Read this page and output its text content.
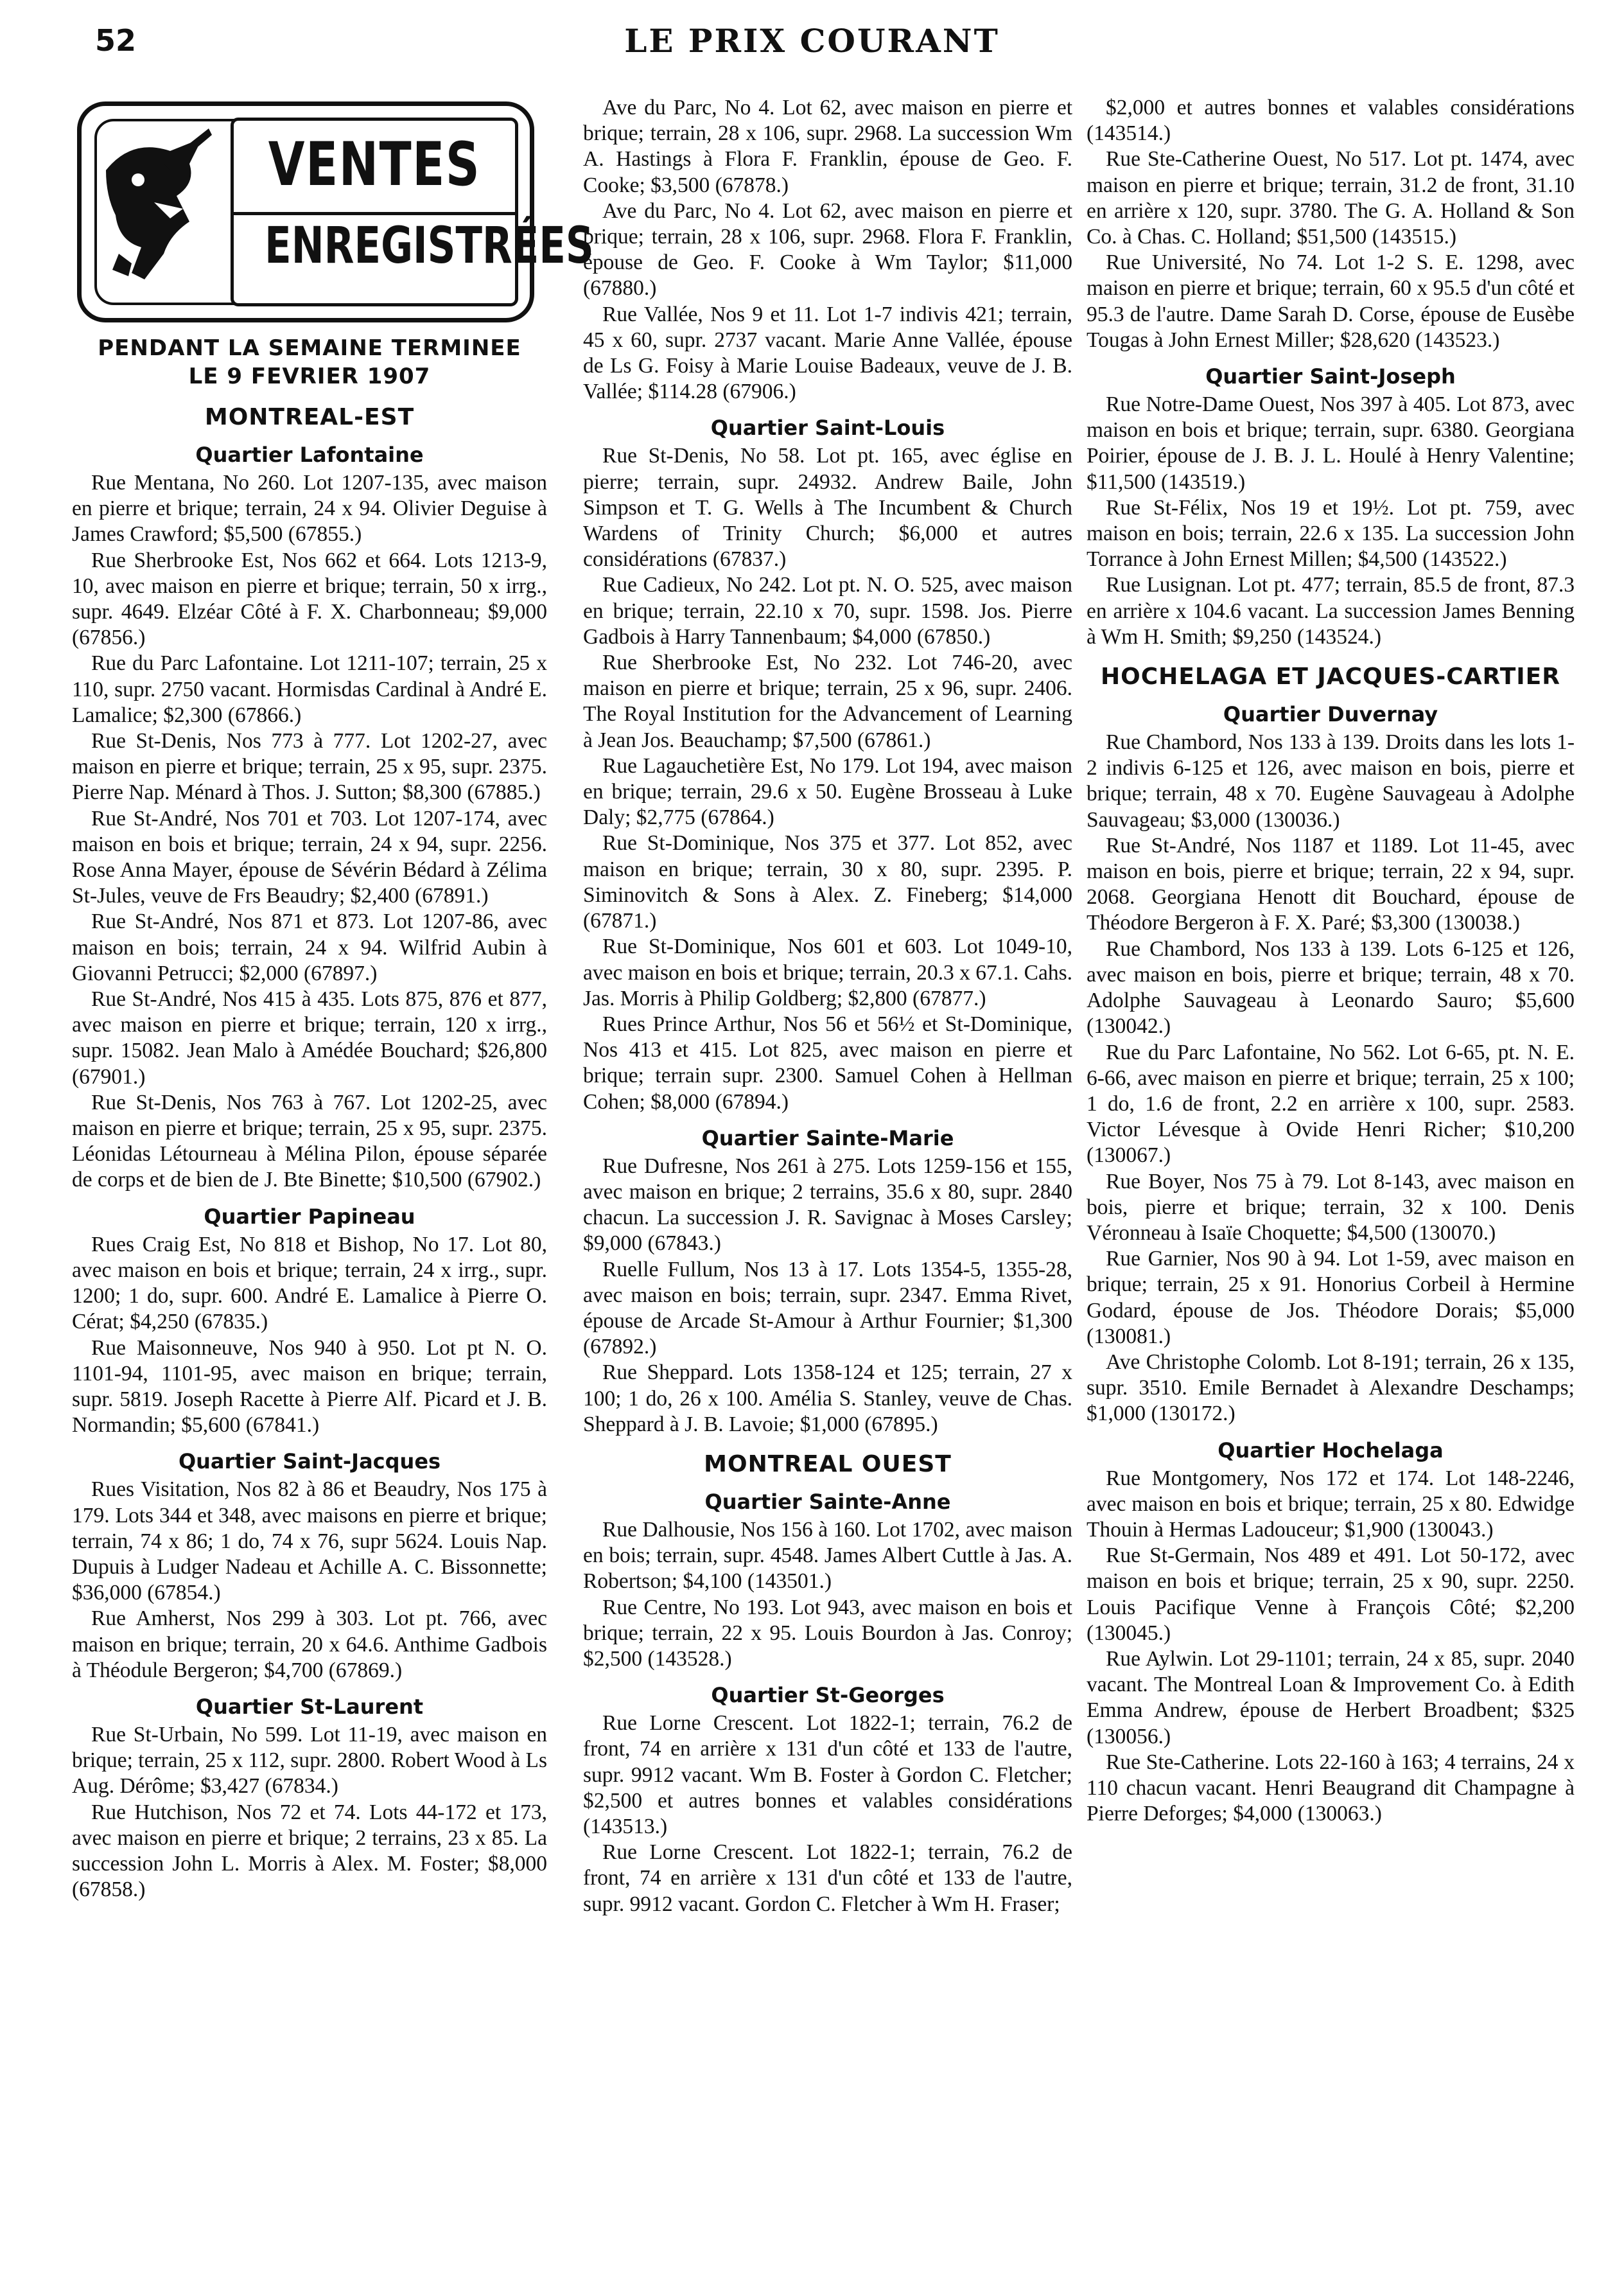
52	LE PRIX COURANT
VENTES
ENREGISTRÉES
PENDANT LA SEMAINE TERMINEE
LE 9 FEVRIER 1907
MONTREAL-EST
Quartier Lafontaine

Rue Mentana, No 260. Lot 1207-135, avec maison en pierre et brique; terrain, 24 x 94. Olivier Deguise à James Crawford; $5,500 (67855.)

Rue Sherbrooke Est, Nos 662 et 664. Lots 1213-9, 10, avec maison en pierre et brique; terrain, 50 x irrg., supr. 4649. Elzéar Côté à F. X. Charbonneau; $9,000 (67856.)

Rue du Parc Lafontaine. Lot 1211-107; terrain, 25 x 110, supr. 2750 vacant. Hormisdas Cardinal à André E. Lamalice; $2,300 (67866.)

Rue St-Denis, Nos 773 à 777. Lot 1202-27, avec maison en pierre et brique; terrain, 25 x 95, supr. 2375. Pierre Nap. Ménard à Thos. J. Sutton; $8,300 (67885.)

Rue St-André, Nos 701 et 703. Lot 1207-174, avec maison en bois et brique; terrain, 24 x 94, supr. 2256. Rose Anna Mayer, épouse de Sévérin Bédard à Zélima St-Jules, veuve de Frs Beaudry; $2,400 (67891.)

Rue St-André, Nos 871 et 873. Lot 1207-86, avec maison en bois; terrain, 24 x 94. Wilfrid Aubin à Giovanni Petrucci; $2,000 (67897.)

Rue St-André, Nos 415 à 435. Lots 875, 876 et 877, avec maison en pierre et brique; terrain, 120 x irrg., supr. 15082. Jean Malo à Amédée Bouchard; $26,800 (67901.)

Rue St-Denis, Nos 763 à 767. Lot 1202-25, avec maison en pierre et brique; terrain, 25 x 95, supr. 2375. Léonidas Létourneau à Mélina Pilon, épouse séparée de corps et de bien de J. Bte Binette; $10,500 (67902.)

Quartier Papineau

Rues Craig Est, No 818 et Bishop, No 17. Lot 80, avec maison en bois et brique; terrain, 24 x irrg., supr. 1200; 1 do, supr. 600. André E. Lamalice à Pierre O. Cérat; $4,250 (67835.)

Rue Maisonneuve, Nos 940 à 950. Lot pt N. O. 1101-94, 1101-95, avec maison en brique; terrain, supr. 5819. Joseph Racette à Pierre Alf. Picard et J. B. Normandin; $5,600 (67841.)

Quartier Saint-Jacques

Rues Visitation, Nos 82 à 86 et Beaudry, Nos 175 à 179. Lots 344 et 348, avec maisons en pierre et brique; terrain, 74 x 86; 1 do, 74 x 76, supr 5624. Louis Nap. Dupuis à Ludger Nadeau et Achille A. C. Bissonnette; $36,000 (67854.)

Rue Amherst, Nos 299 à 303. Lot pt. 766, avec maison en brique; terrain, 20 x 64.6. Anthime Gadbois à Théodule Bergeron; $4,700 (67869.)

Quartier St-Laurent

Rue St-Urbain, No 599. Lot 11-19, avec maison en brique; terrain, 25 x 112, supr. 2800. Robert Wood à Ls Aug. Dérôme; $3,427 (67834.)

Rue Hutchison, Nos 72 et 74. Lots 44-172 et 173, avec maison en pierre et brique; 2 terrains, 23 x 85. La succession John L. Morris à Alex. M. Foster; $8,000 (67858.)

Ave du Parc, No 4. Lot 62, avec maison en pierre et brique; terrain, 28 x 106, supr. 2968. La succession Wm A. Hastings à Flora F. Franklin, épouse de Geo. F. Cooke; $3,500 (67878.)

Ave du Parc, No 4. Lot 62, avec maison en pierre et brique; terrain, 28 x 106, supr. 2968. Flora F. Franklin, épouse de Geo. F. Cooke à Wm Taylor; $11,000 (67880.)

Rue Vallée, Nos 9 et 11. Lot 1-7 indivis 421; terrain, 45 x 60, supr. 2737 vacant. Marie Anne Vallée, épouse de Ls G. Foisy à Marie Louise Badeaux, veuve de J. B. Vallée; $114.28 (67906.)

Quartier Saint-Louis

Rue St-Denis, No 58. Lot pt. 165, avec église en pierre; terrain, supr. 24932. Andrew Baile, John Simpson et T. G. Wells à The Incumbent & Church Wardens of Trinity Church; $6,000 et autres considérations (67837.)

Rue Cadieux, No 242. Lot pt. N. O. 525, avec maison en brique; terrain, 22.10 x 70, supr. 1598. Jos. Pierre Gadbois à Harry Tannenbaum; $4,000 (67850.)

Rue Sherbrooke Est, No 232. Lot 746-20, avec maison en pierre et brique; terrain, 25 x 96, supr. 2406. The Royal Institution for the Advancement of Learning à Jean Jos. Beauchamp; $7,500 (67861.)

Rue Lagauchetière Est, No 179. Lot 194, avec maison en brique; terrain, 29.6 x 50. Eugène Brosseau à Luke Daly; $2,775 (67864.)

Rue St-Dominique, Nos 375 et 377. Lot 852, avec maison en brique; terrain, 30 x 80, supr. 2395. P. Siminovitch & Sons à Alex. Z. Fineberg; $14,000 (67871.)

Rue St-Dominique, Nos 601 et 603. Lot 1049-10, avec maison en bois et brique; terrain, 20.3 x 67.1. Cahs. Jas. Morris à Philip Goldberg; $2,800 (67877.)

Rues Prince Arthur, Nos 56 et 56½ et St-Dominique, Nos 413 et 415. Lot 825, avec maison en pierre et brique; terrain supr. 2300. Samuel Cohen à Hellman Cohen; $8,000 (67894.)

Quartier Sainte-Marie

Rue Dufresne, Nos 261 à 275. Lots 1259-156 et 155, avec maison en brique; 2 terrains, 35.6 x 80, supr. 2840 chacun. La succession J. R. Savignac à Moses Carsley; $9,000 (67843.)

Ruelle Fullum, Nos 13 à 17. Lots 1354-5, 1355-28, avec maison en bois; terrain, supr. 2347. Emma Rivet, épouse de Arcade St-Amour à Arthur Fournier; $1,300 (67892.)

Rue Sheppard. Lots 1358-124 et 125; terrain, 27 x 100; 1 do, 26 x 100. Amélia S. Stanley, veuve de Chas. Sheppard à J. B. Lavoie; $1,000 (67895.)

MONTREAL OUEST
Quartier Sainte-Anne

Rue Dalhousie, Nos 156 à 160. Lot 1702, avec maison en bois; terrain, supr. 4548. James Albert Cuttle à Jas. A. Robertson; $4,100 (143501.)

Rue Centre, No 193. Lot 943, avec maison en bois et brique; terrain, 22 x 95. Louis Bourdon à Jas. Conroy; $2,500 (143528.)

Quartier St-Georges

Rue Lorne Crescent. Lot 1822-1; terrain, 76.2 de front, 74 en arrière x 131 d'un côté et 133 de l'autre, supr. 9912 vacant. Wm B. Foster à Gordon C. Fletcher; $2,500 et autres bonnes et valables considérations (143513.)

Rue Lorne Crescent. Lot 1822-1; terrain, 76.2 de front, 74 en arrière x 131 d'un côté et 133 de l'autre, supr. 9912 vacant. Gordon C. Fletcher à Wm H. Fraser;

$2,000 et autres bonnes et valables considérations (143514.)

Rue Ste-Catherine Ouest, No 517. Lot pt. 1474, avec maison en pierre et brique; terrain, 31.2 de front, 31.10 en arrière x 120, supr. 3780. The G. A. Holland & Son Co. à Chas. C. Holland; $51,500 (143515.)

Rue Université, No 74. Lot 1-2 S. E. 1298, avec maison en pierre et brique; terrain, 60 x 95.5 d'un côté et 95.3 de l'autre. Dame Sarah D. Corse, épouse de Eusèbe Tougas à John Ernest Miller; $28,620 (143523.)

Quartier Saint-Joseph

Rue Notre-Dame Ouest, Nos 397 à 405. Lot 873, avec maison en bois et brique; terrain, supr. 6380. Georgiana Poirier, épouse de J. B. J. L. Houlé à Henry Valentine; $11,500 (143519.)

Rue St-Félix, Nos 19 et 19½. Lot pt. 759, avec maison en bois; terrain, 22.6 x 135. La succession John Torrance à John Ernest Millen; $4,500 (143522.)

Rue Lusignan. Lot pt. 477; terrain, 85.5 de front, 87.3 en arrière x 104.6 vacant. La succession James Benning à Wm H. Smith; $9,250 (143524.)

HOCHELAGA ET JACQUES-CARTIER
Quartier Duvernay

Rue Chambord, Nos 133 à 139. Droits dans les lots 1-2 indivis 6-125 et 126, avec maison en bois, pierre et brique; terrain, 48 x 70. Eugène Sauvageau à Adolphe Sauvageau; $3,000 (130036.)

Rue St-André, Nos 1187 et 1189. Lot 11-45, avec maison en bois, pierre et brique; terrain, 22 x 94, supr. 2068. Georgiana Henott dit Bouchard, épouse de Théodore Bergeron à F. X. Paré; $3,300 (130038.)

Rue Chambord, Nos 133 à 139. Lots 6-125 et 126, avec maison en bois, pierre et brique; terrain, 48 x 70. Adolphe Sauvageau à Leonardo Sauro; $5,600 (130042.)

Rue du Parc Lafontaine, No 562. Lot 6-65, pt. N. E. 6-66, avec maison en pierre et brique; terrain, 25 x 100; 1 do, 1.6 de front, 2.2 en arrière x 100, supr. 2583. Victor Lévesque à Ovide Henri Richer; $10,200 (130067.)

Rue Boyer, Nos 75 à 79. Lot 8-143, avec maison en bois, pierre et brique; terrain, 32 x 100. Denis Véronneau à Isaïe Choquette; $4,500 (130070.)

Rue Garnier, Nos 90 à 94. Lot 1-59, avec maison en brique; terrain, 25 x 91. Honorius Corbeil à Hermine Godard, épouse de Jos. Théodore Dorais; $5,000 (130081.)

Ave Christophe Colomb. Lot 8-191; terrain, 26 x 135, supr. 3510. Emile Bernadet à Alexandre Deschamps; $1,000 (130172.)

Quartier Hochelaga

Rue Montgomery, Nos 172 et 174. Lot 148-2246, avec maison en bois et brique; terrain, 25 x 80. Edwidge Thouin à Hermas Ladouceur; $1,900 (130043.)

Rue St-Germain, Nos 489 et 491. Lot 50-172, avec maison en bois et brique; terrain, 25 x 90, supr. 2250. Louis Pacifique Venne à François Côté; $2,200 (130045.)

Rue Aylwin. Lot 29-1101; terrain, 24 x 85, supr. 2040 vacant. The Montreal Loan & Improvement Co. à Edith Emma Andrew, épouse de Herbert Broadbent; $325 (130056.)

Rue Ste-Catherine. Lots 22-160 à 163; 4 terrains, 24 x 110 chacun vacant. Henri Beaugrand dit Champagne à Pierre Deforges; $4,000 (130063.)
